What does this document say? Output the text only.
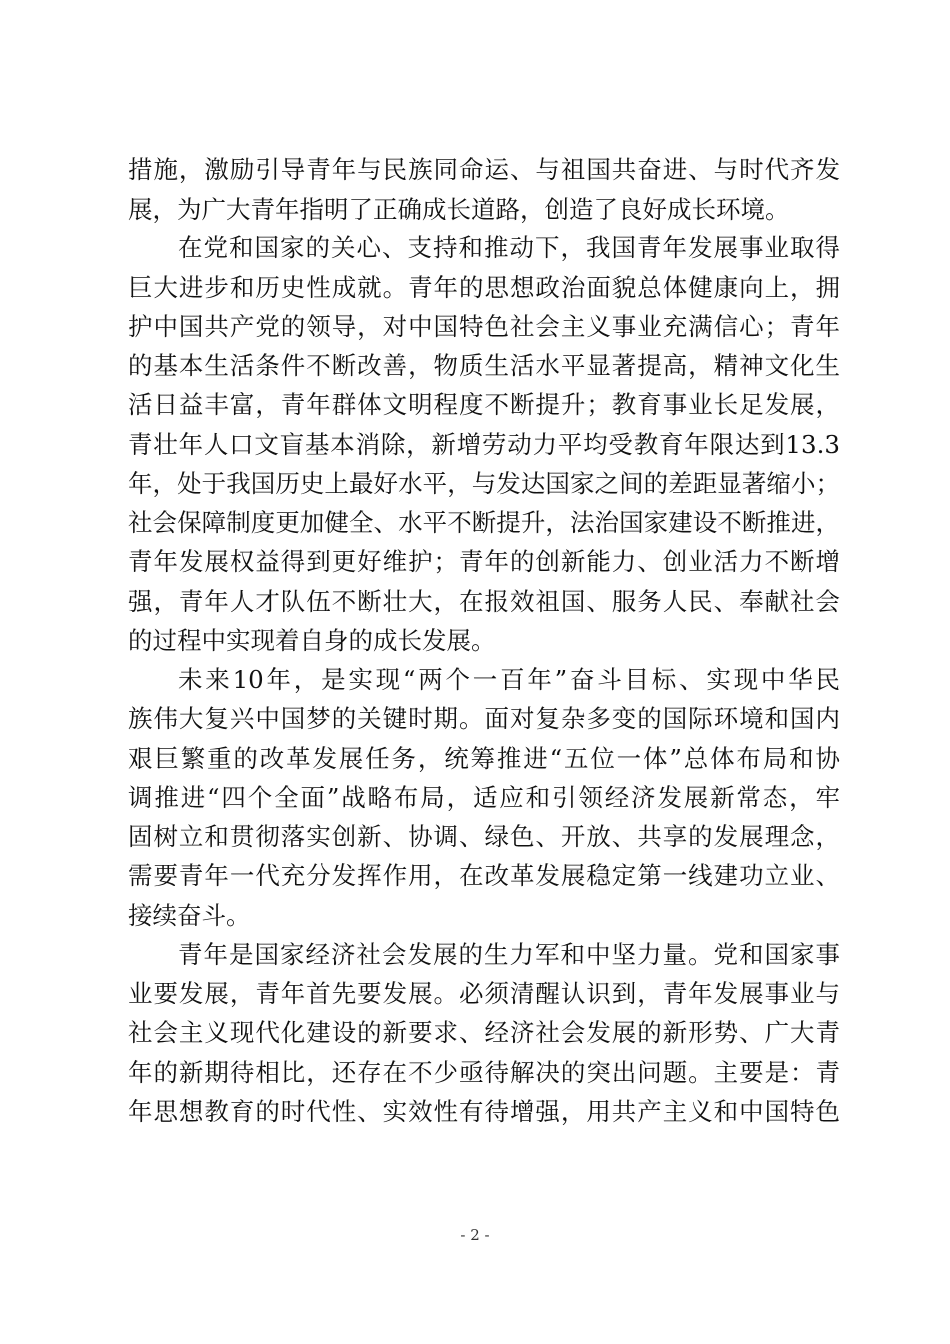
措施，激励引导青年与民族同命运、与祖国共奋进、与时代齐发
展，为广大青年指明了正确成长道路，创造了良好成长环境。
在党和国家的关心、支持和推动下，我国青年发展事业取得
巨大进步和历史性成就。青年的思想政治面貌总体健康向上，拥
护中国共产党的领导，对中国特色社会主义事业充满信心；青年
的基本生活条件不断改善，物质生活水平显著提高，精神文化生
活日益丰富，青年群体文明程度不断提升；教育事业长足发展，
青壮年人口文盲基本消除，新增劳动力平均受教育年限达到13.3
年，处于我国历史上最好水平，与发达国家之间的差距显著缩小；
社会保障制度更加健全、水平不断提升，法治国家建设不断推进，
青年发展权益得到更好维护；青年的创新能力、创业活力不断增
强，青年人才队伍不断壮大，在报效祖国、服务人民、奉献社会
的过程中实现着自身的成长发展。
未来10年，是实现“两个一百年”奋斗目标、实现中华民
族伟大复兴中国梦的关键时期。面对复杂多变的国际环境和国内
艰巨繁重的改革发展任务，统筹推进“五位一体”总体布局和协
调推进“四个全面”战略布局，适应和引领经济发展新常态，牢
固树立和贯彻落实创新、协调、绿色、开放、共享的发展理念，
需要青年一代充分发挥作用，在改革发展稳定第一线建功立业、
接续奋斗。
青年是国家经济社会发展的生力军和中坚力量。党和国家事
业要发展，青年首先要发展。必须清醒认识到，青年发展事业与
社会主义现代化建设的新要求、经济社会发展的新形势、广大青
年的新期待相比，还存在不少亟待解决的突出问题。主要是：青
年思想教育的时代性、实效性有待增强，用共产主义和中国特色
- 2 -
